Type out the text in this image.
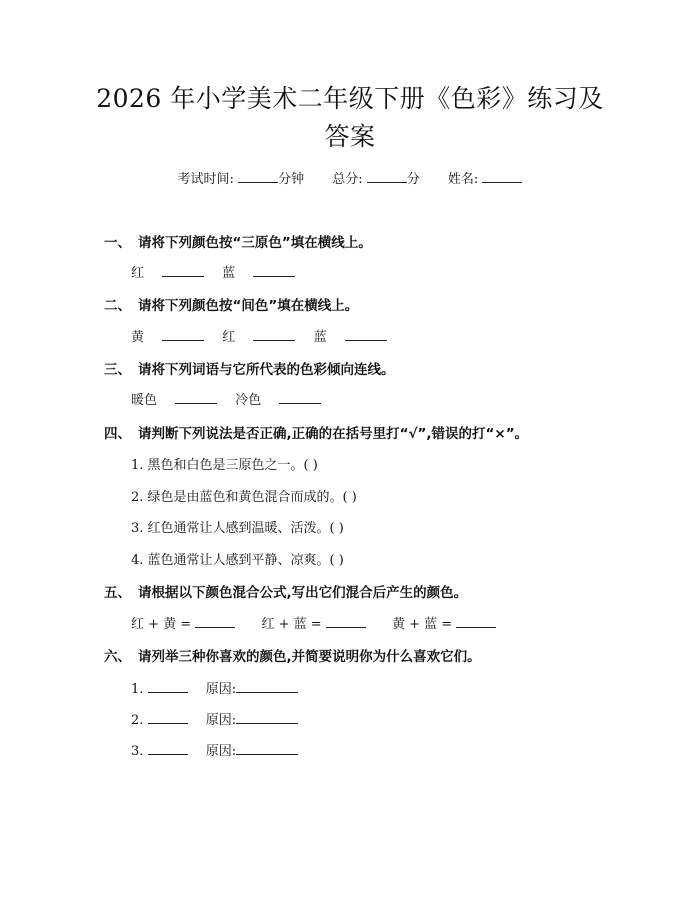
2026 年小学美术二年级下册《色彩》练习及答案
考试时间:	分钟 总分:	分 姓名:
一、 请将下列颜色按“三原色”填在横线上。
红	蓝
二、 请将下列颜色按“间色”填在横线上。
黄	红	蓝
三、 请将下列词语与它所代表的色彩倾向连线。
暖色	冷色
四、 请判断下列说法是否正确,正确的在括号里打“√”,错误的打“×”。
1. 黑色和白色是三原色之一。( )
2. 绿色是由蓝色和黄色混合而成的。( )
3. 红色通常让人感到温暖、活泼。( )
4. 蓝色通常让人感到平静、凉爽。( )
五、 请根据以下颜色混合公式,写出它们混合后产生的颜色。
红 + 黄 =	红 + 蓝 =	黄 + 蓝 =
六、 请列举三种你喜欢的颜色,并简要说明你为什么喜欢它们。
1.	原因:
2.	原因:
3.	原因:
